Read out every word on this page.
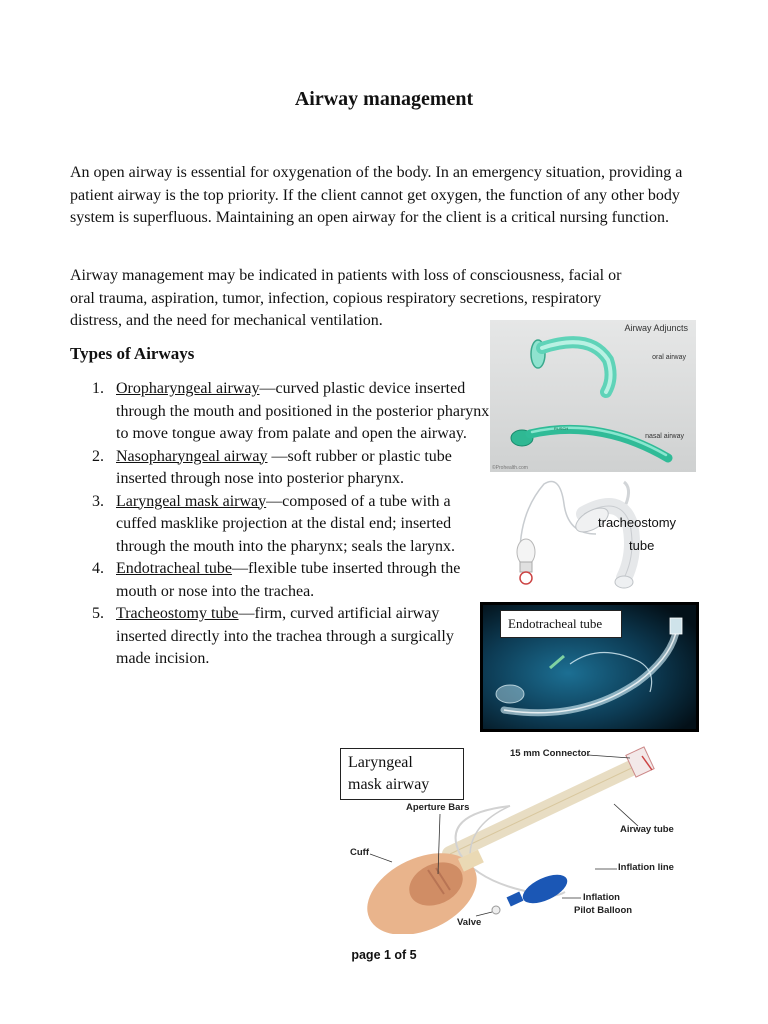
Airway management

An open airway is essential for oxygenation of the body. In an emergency situation, providing a patient airway is the top priority. If the client cannot get oxygen, the function of any other body system is superfluous. Maintaining an open airway for the client is a critical nursing function.

Airway management may be indicated in patients with loss of consciousness, facial or
oral trauma, aspiration, tumor, infection, copious respiratory secretions, respiratory
distress, and the need for mechanical ventilation.
Types of Airways
1. Oropharyngeal airway—curved plastic device inserted through the mouth and positioned in the posterior pharynx to move tongue away from palate and open the airway.
2. Nasopharyngeal airway —soft rubber or plastic tube inserted through nose into posterior pharynx.
3. Laryngeal mask airway—composed of a tube with a cuffed masklike projection at the distal end; inserted through the mouth into the pharynx; seals the larynx.
4. Endotracheal tube—flexible tube inserted through the mouth or nose into the trachea.
5. Tracheostomy tube—firm, curved artificial airway inserted directly into the trachea through a surgically made incision.
RUSCH
Airway Adjuncts
oral airway
nasal airway
©Prohealth.com
tracheostomy
tube
Endotracheal tube
Laryngeal
mask airway
15 mm Connector
Aperture Bars
Airway tube
Cuff
Inflation line
Inflation
Pilot Balloon
Valve
page 1 of 5
